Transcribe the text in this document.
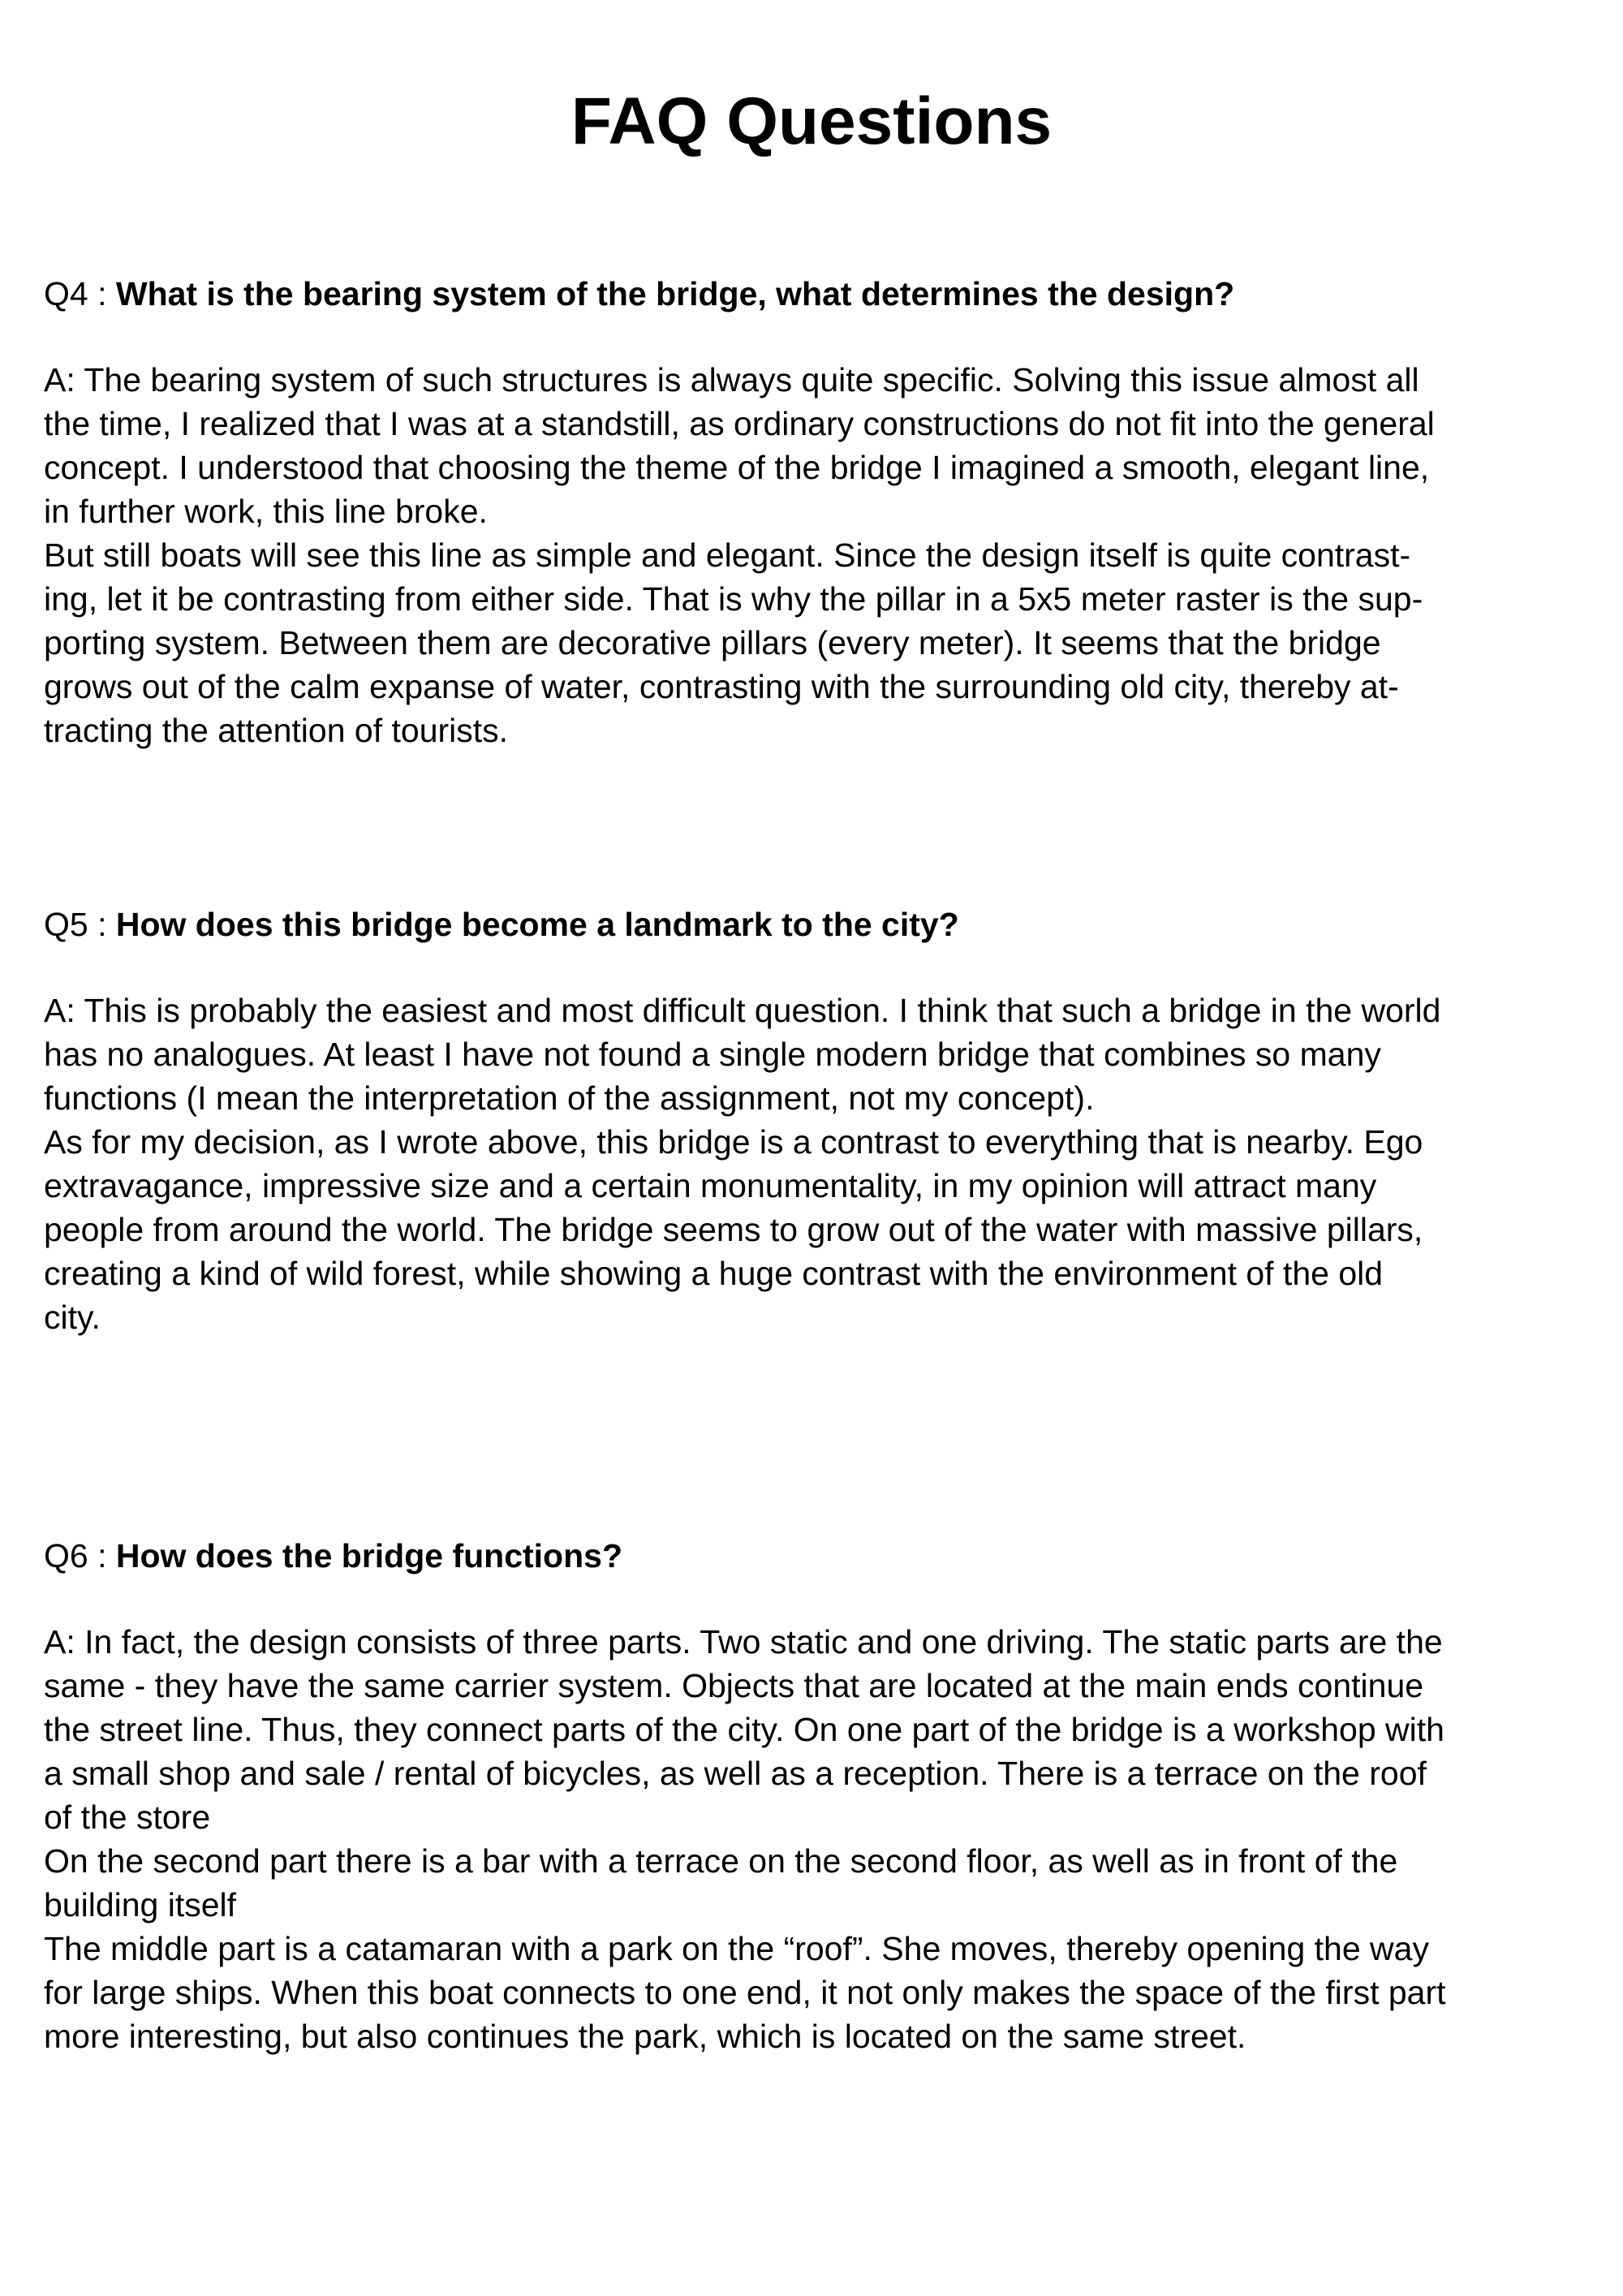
FAQ Questions

Q4 : What is the bearing system of the bridge, what determines the design?

A: The bearing system of such structures is always quite specific. Solving this issue almost all
the time, I realized that I was at a standstill, as ordinary constructions do not fit into the general
concept. I understood that choosing the theme of the bridge I imagined a smooth, elegant line,
in further work, this line broke.

But still boats will see this line as simple and elegant. Since the design itself is quite contrast-
ing, let it be contrasting from either side. That is why the pillar in a 5x5 meter raster is the sup-
porting system. Between them are decorative pillars (every meter). It seems that the bridge
grows out of the calm expanse of water, contrasting with the surrounding old city, thereby at-
tracting the attention of tourists.

Q5 : How does this bridge become a landmark to the city?

A: This is probably the easiest and most difficult question. I think that such a bridge in the world
has no analogues. At least I have not found a single modern bridge that combines so many
functions (I mean the interpretation of the assignment, not my concept).

As for my decision, as I wrote above, this bridge is a contrast to everything that is nearby. Ego
extravagance, impressive size and a certain monumentality, in my opinion will attract many
people from around the world. The bridge seems to grow out of the water with massive pillars,
creating a kind of wild forest, while showing a huge contrast with the environment of the old
city.

Q6 : How does the bridge functions?

A: In fact, the design consists of three parts. Two static and one driving. The static parts are the
same - they have the same carrier system. Objects that are located at the main ends continue
the street line. Thus, they connect parts of the city. On one part of the bridge is a workshop with
a small shop and sale / rental of bicycles, as well as a reception. There is a terrace on the roof
of the store

On the second part there is a bar with a terrace on the second floor, as well as in front of the
building itself

The middle part is a catamaran with a park on the “roof”. She moves, thereby opening the way
for large ships. When this boat connects to one end, it not only makes the space of the first part
more interesting, but also continues the park, which is located on the same street.
